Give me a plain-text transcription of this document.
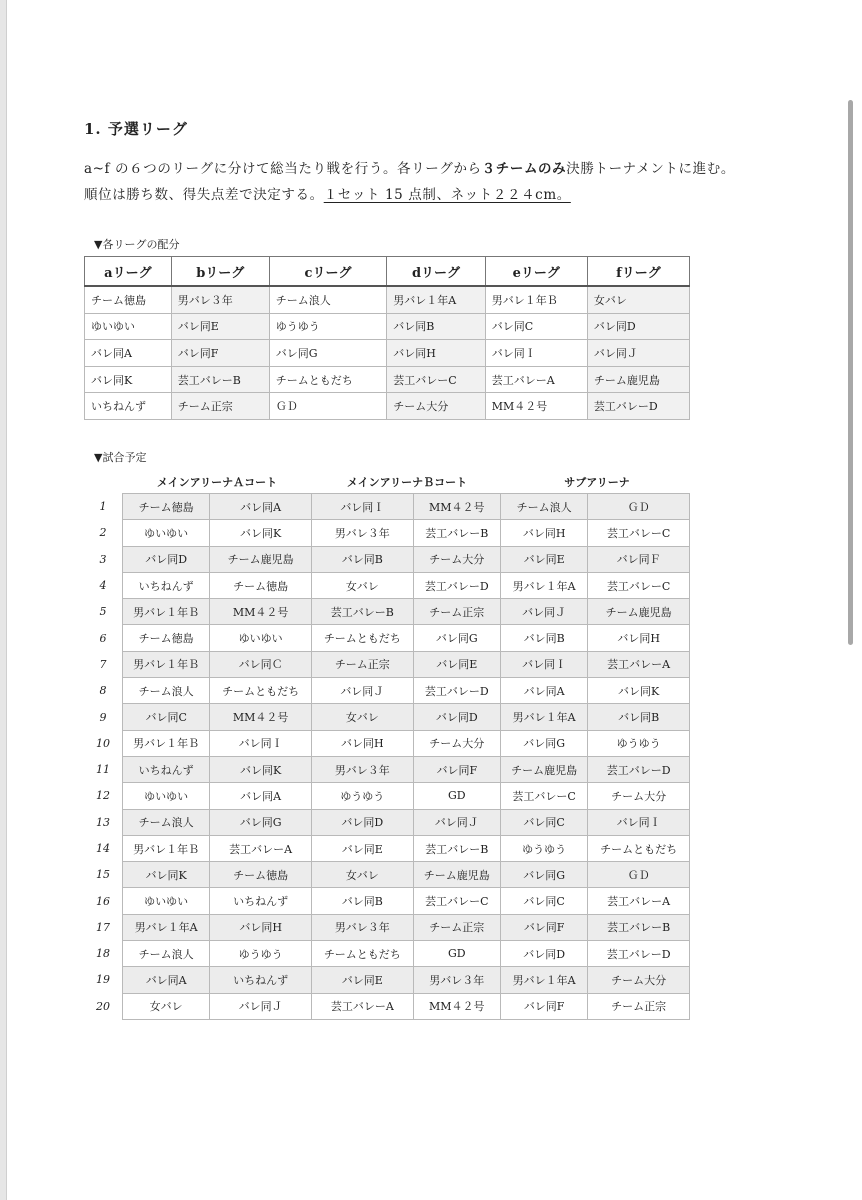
1. 予選リーグ
a~f の６つのリーグに分けて総当たり戦を行う。各リーグから３チームのみ決勝トーナメントに進む。
順位は勝ち数、得失点差で決定する。１セット 15 点制、ネット２２４cm。
▼各リーグの配分
aリーグ	bリーグ	cリーグ	dリーグ	eリーグ	fリーグ
チーム徳島	男バレ３年	チーム浪人	男バレ１年A	男バレ１年Ｂ	女バレ
ゆいゆい	バレ同E	ゆうゆう	バレ同B	バレ同C	バレ同D
バレ同A	バレ同F	バレ同G	バレ同H	バレ同Ｉ	バレ同Ｊ
バレ同K	芸工バレーB	チームともだち	芸工バレーC	芸工バレーA	チーム鹿児島
いちねんず	チーム正宗	ＧＤ	チーム大分	MM４２号	芸工バレーD
▼試合予定
メインアリーナＡコート	メインアリーナＢコート	サブアリーナ
1	チーム徳島	バレ同A	バレ同Ｉ	MM４２号	チーム浪人	ＧＤ
2	ゆいゆい	バレ同K	男バレ３年	芸工バレーB	バレ同H	芸工バレーC
3	バレ同D	チーム鹿児島	バレ同B	チーム大分	バレ同E	バレ同Ｆ
4	いちねんず	チーム徳島	女バレ	芸工バレーD	男バレ１年A	芸工バレーC
5	男バレ１年Ｂ	MM４２号	芸工バレーB	チーム正宗	バレ同Ｊ	チーム鹿児島
6	チーム徳島	ゆいゆい	チームともだち	バレ同G	バレ同B	バレ同H
7	男バレ１年Ｂ	バレ同Ｃ	チーム正宗	バレ同E	バレ同Ｉ	芸工バレーA
8	チーム浪人	チームともだち	バレ同Ｊ	芸工バレーD	バレ同A	バレ同K
9	バレ同C	MM４２号	女バレ	バレ同D	男バレ１年A	バレ同B
10	男バレ１年Ｂ	バレ同Ｉ	バレ同H	チーム大分	バレ同G	ゆうゆう
11	いちねんず	バレ同K	男バレ３年	バレ同F	チーム鹿児島	芸工バレーD
12	ゆいゆい	バレ同A	ゆうゆう	GD	芸工バレーC	チーム大分
13	チーム浪人	バレ同G	バレ同D	バレ同Ｊ	バレ同C	バレ同Ｉ
14	男バレ１年Ｂ	芸工バレーA	バレ同E	芸工バレーB	ゆうゆう	チームともだち
15	バレ同K	チーム徳島	女バレ	チーム鹿児島	バレ同G	ＧＤ
16	ゆいゆい	いちねんず	バレ同B	芸工バレーC	バレ同C	芸工バレーA
17	男バレ１年A	バレ同H	男バレ３年	チーム正宗	バレ同F	芸工バレーB
18	チーム浪人	ゆうゆう	チームともだち	GD	バレ同D	芸工バレーD
19	バレ同A	いちねんず	バレ同E	男バレ３年	男バレ１年A	チーム大分
20	女バレ	バレ同Ｊ	芸工バレーA	MM４２号	バレ同F	チーム正宗
